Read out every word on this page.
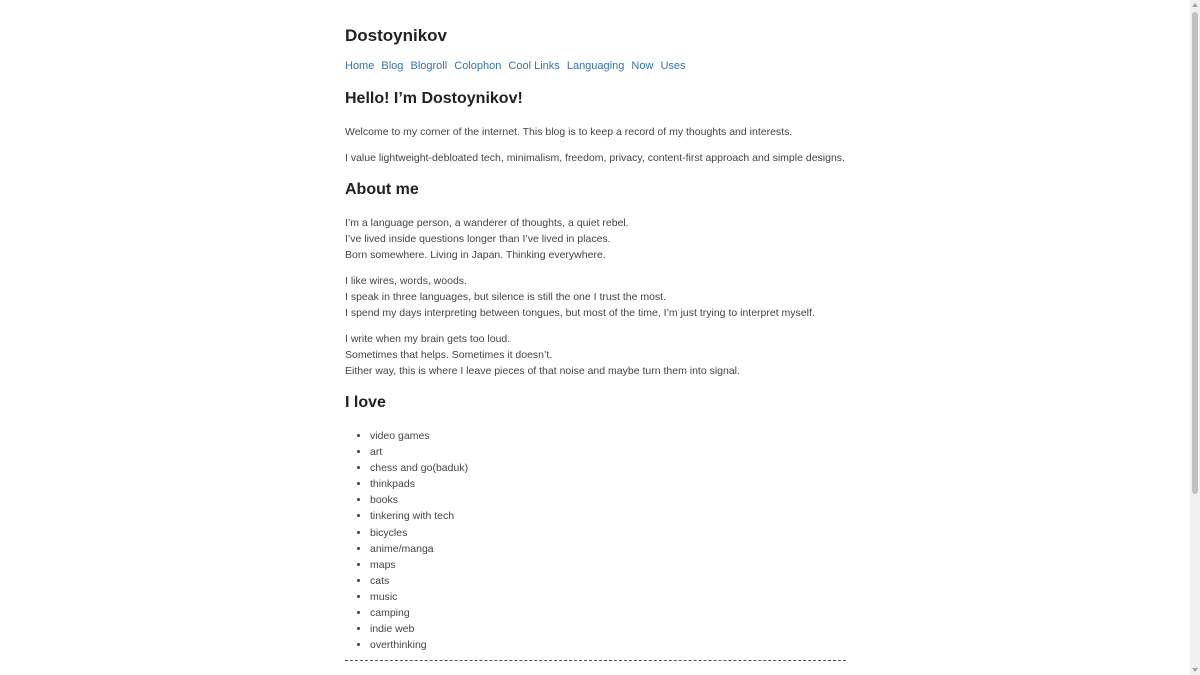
Dostoynikov
Home Blog Blogroll Colophon Cool Links Languaging Now Uses
Hello! I’m Dostoynikov!

Welcome to my corner of the internet. This blog is to keep a record of my thoughts and interests.

I value lightweight-debloated tech, minimalism, freedom, privacy, content-first approach and simple designs.

About me

I’m a language person, a wanderer of thoughts, a quiet rebel.
I’ve lived inside questions longer than I’ve lived in places.
Born somewhere. Living in Japan. Thinking everywhere.

I like wires, words, woods.
I speak in three languages, but silence is still the one I trust the most.
I spend my days interpreting between tongues, but most of the time, I’m just trying to interpret myself.

I write when my brain gets too loud.
Sometimes that helps. Sometimes it doesn’t.
Either way, this is where I leave pieces of that noise and maybe turn them into signal.

I love
• video games
• art
• chess and go(baduk)
• thinkpads
• books
• tinkering with tech
• bicycles
• anime/manga
• maps
• cats
• music
• camping
• indie web
• overthinking
